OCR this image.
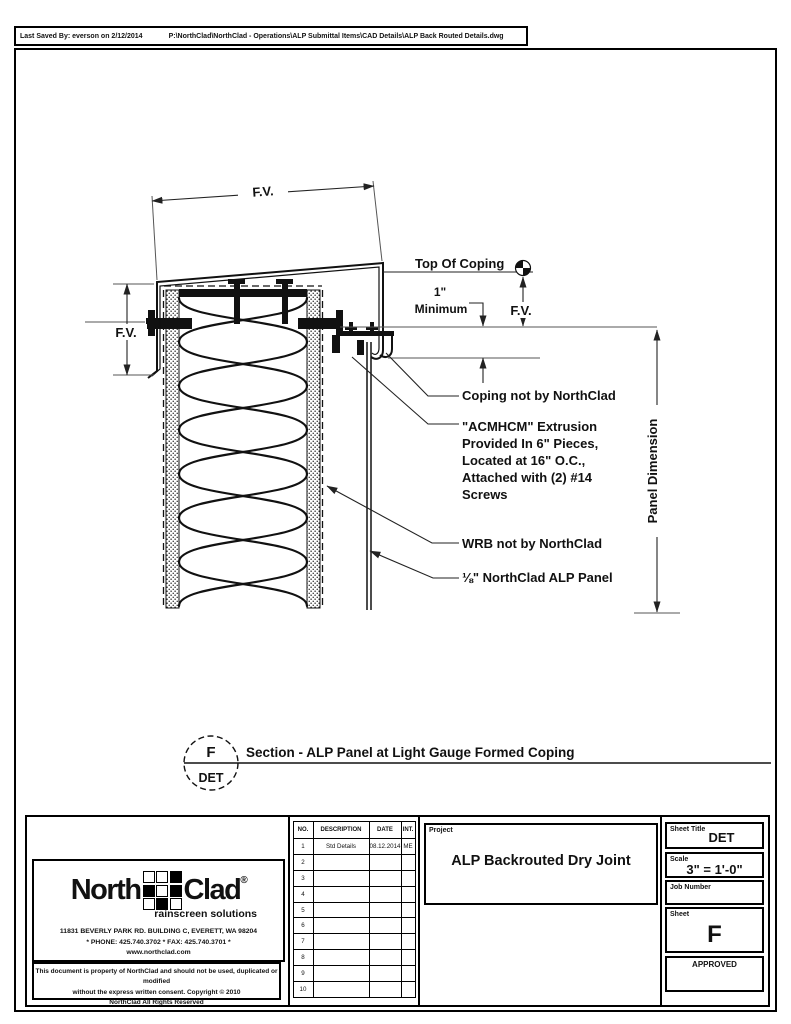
Last Saved By: everson on 2/12/2014	P:\NorthClad\NorthClad - Operations\ALP Submittal Items\CAD Details\ALP Back Routed Details.dwg
F.V.
F.V.
Top Of Coping
F.V.
1"
Minimum
Panel Dimension
Coping not by NorthClad
"ACMHCM" Extrusion
Provided In 6" Pieces,
Located at 16" O.C.,
Attached with (2) #14
Screws
WRB not by NorthClad
⅛" NorthClad ALP Panel
F
DET
Section - ALP Panel at Light Gauge Formed Coping
North Clad®
rainscreen solutions
11831 BEVERLY PARK RD. BUILDING C, EVERETT, WA 98204
* PHONE: 425.740.3702 * FAX: 425.740.3701 *
www.northclad.com
This document is property of NorthClad and should not be used, duplicated or modified
without the express written consent. Copyright © 2010
NorthClad All Rights Reserved
NO.	DESCRIPTION	DATE	INT.
1	Std Details	08.12.2014	ME
2			
3			
4			
5			
6			
7			
8			
9			
10			
Project
ALP Backrouted Dry Joint
Sheet Title
DET
Scale
3" = 1'-0"
Job Number
Sheet
F
APPROVED
